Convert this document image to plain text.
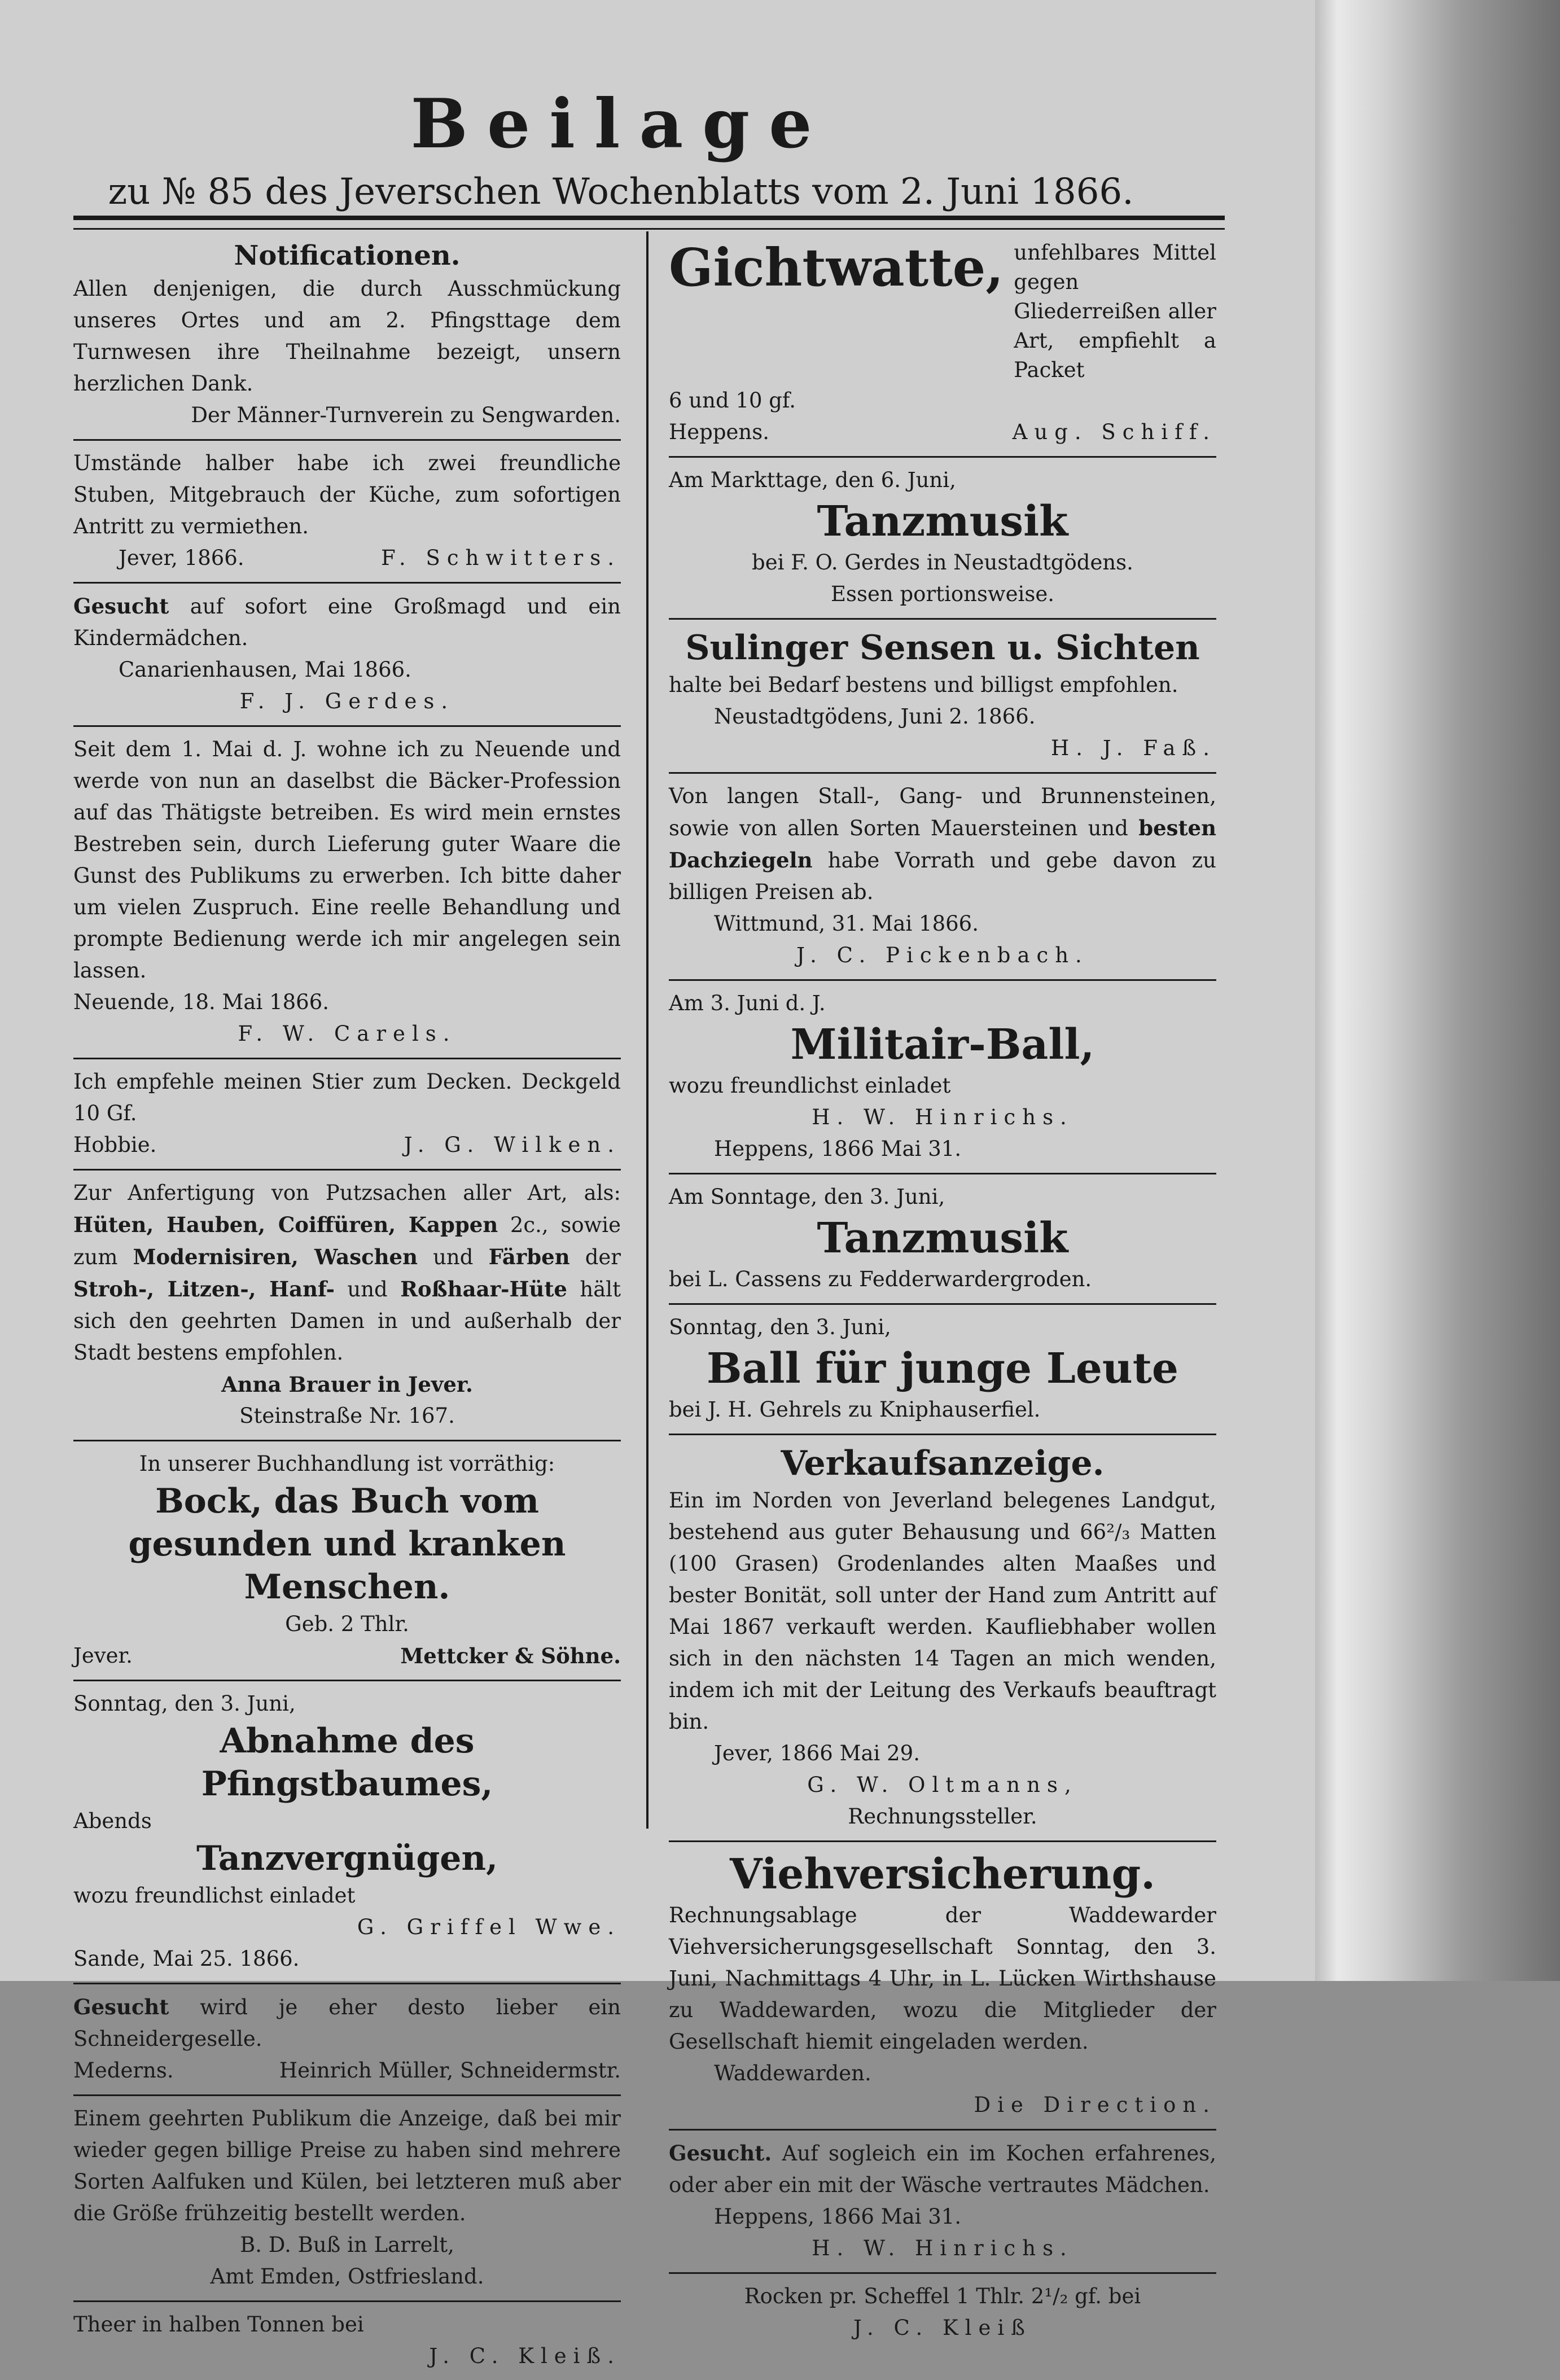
Beilage
zu № 85 des Jeverschen Wochenblatts vom 2. Juni 1866.
Notificationen.
Allen denjenigen, die durch Ausschmückung unseres Ortes und am 2. Pfingsttage dem Turnwesen ihre Theilnahme bezeigt, unsern herzlichen Dank.
Der Männer-Turnverein zu Sengwarden.
Umstände halber habe ich zwei freundliche Stuben, Mitgebrauch der Küche, zum sofortigen Antritt zu vermiethen.
Jever, 1866.	F. Schwitters.
Gesucht auf sofort eine Großmagd und ein Kindermädchen.
Canarienhausen, Mai 1866.
F. J. Gerdes.
Seit dem 1. Mai d. J. wohne ich zu Neuende und werde von nun an daselbst die Bäcker-Profession auf das Thätigste betreiben. Es wird mein ernstes Bestreben sein, durch Lieferung guter Waare die Gunst des Publikums zu erwerben. Ich bitte daher um vielen Zuspruch. Eine reelle Behandlung und prompte Bedienung werde ich mir angelegen sein lassen.
Neuende, 18. Mai 1866.
F. W. Carels.
Ich empfehle meinen Stier zum Decken. Deckgeld 10 Gf.
Hobbie.	J. G. Wilken.
Zur Anfertigung von Putzsachen aller Art, als: Hüten, Hauben, Coiffüren, Kappen 2c., sowie zum Modernisiren, Waschen und Färben der Stroh-, Litzen-, Hanf- und Roßhaar-Hüte hält sich den geehrten Damen in und außerhalb der Stadt bestens empfohlen.
Anna Brauer in Jever.
Steinstraße Nr. 167.
In unserer Buchhandlung ist vorräthig:
Bock, das Buch vom gesunden und kranken Menschen.
Geb. 2 Thlr.
Jever.	Mettcker & Söhne.
Sonntag, den 3. Juni,
Abnahme des Pfingstbaumes,
Abends
Tanzvergnügen,
wozu freundlichst einladet
G. Griffel Wwe.
Sande, Mai 25. 1866.
Gesucht wird je eher desto lieber ein Schneidergeselle.
Mederns.	Heinrich Müller, Schneidermstr.
Einem geehrten Publikum die Anzeige, daß bei mir wieder gegen billige Preise zu haben sind mehrere Sorten Aalfuken und Külen, bei letzteren muß aber die Größe frühzeitig bestellt werden.
B. D. Buß in Larrelt,
Amt Emden, Ostfriesland.
Theer in halben Tonnen bei
J. C. Kleiß.
Gichtwatte, unfehlbares Mittel gegen Gliederreißen aller Art, empfiehlt a Packet
6 und 10 gf.
Heppens.	Aug. Schiff.
Am Markttage, den 6. Juni,
Tanzmusik
bei F. O. Gerdes in Neustadtgödens.
Essen portionsweise.
Sulinger Sensen u. Sichten
halte bei Bedarf bestens und billigst empfohlen.
Neustadtgödens, Juni 2. 1866.
H. J. Faß.
Von langen Stall-, Gang- und Brunnensteinen, sowie von allen Sorten Mauersteinen und besten Dachziegeln habe Vorrath und gebe davon zu billigen Preisen ab.
Wittmund, 31. Mai 1866.
J. C. Pickenbach.
Am 3. Juni d. J.
Militair-Ball,
wozu freundlichst einladet
H. W. Hinrichs.
Heppens, 1866 Mai 31.
Am Sonntage, den 3. Juni,
Tanzmusik
bei L. Cassens zu Fedderwardergroden.
Sonntag, den 3. Juni,
Ball für junge Leute
bei J. H. Gehrels zu Kniphauserfiel.
Verkaufsanzeige.
Ein im Norden von Jeverland belegenes Landgut, bestehend aus guter Behausung und 66²/₃ Matten (100 Grasen) Grodenlandes alten Maaßes und bester Bonität, soll unter der Hand zum Antritt auf Mai 1867 verkauft werden. Kaufliebhaber wollen sich in den nächsten 14 Tagen an mich wenden, indem ich mit der Leitung des Verkaufs beauftragt bin.
Jever, 1866 Mai 29.
G. W. Oltmanns,
Rechnungssteller.
Viehversicherung.
Rechnungsablage der Waddewarder Viehversicherungsgesellschaft Sonntag, den 3. Juni, Nachmittags 4 Uhr, in L. Lücken Wirthshause zu Waddewarden, wozu die Mitglieder der Gesellschaft hiemit eingeladen werden.
Waddewarden.
Die Direction.
Gesucht. Auf sogleich ein im Kochen erfahrenes, oder aber ein mit der Wäsche vertrautes Mädchen.
Heppens, 1866 Mai 31.
H. W. Hinrichs.
Rocken pr. Scheffel 1 Thlr. 2¹/₂ gf. bei
J. C. Kleiß
